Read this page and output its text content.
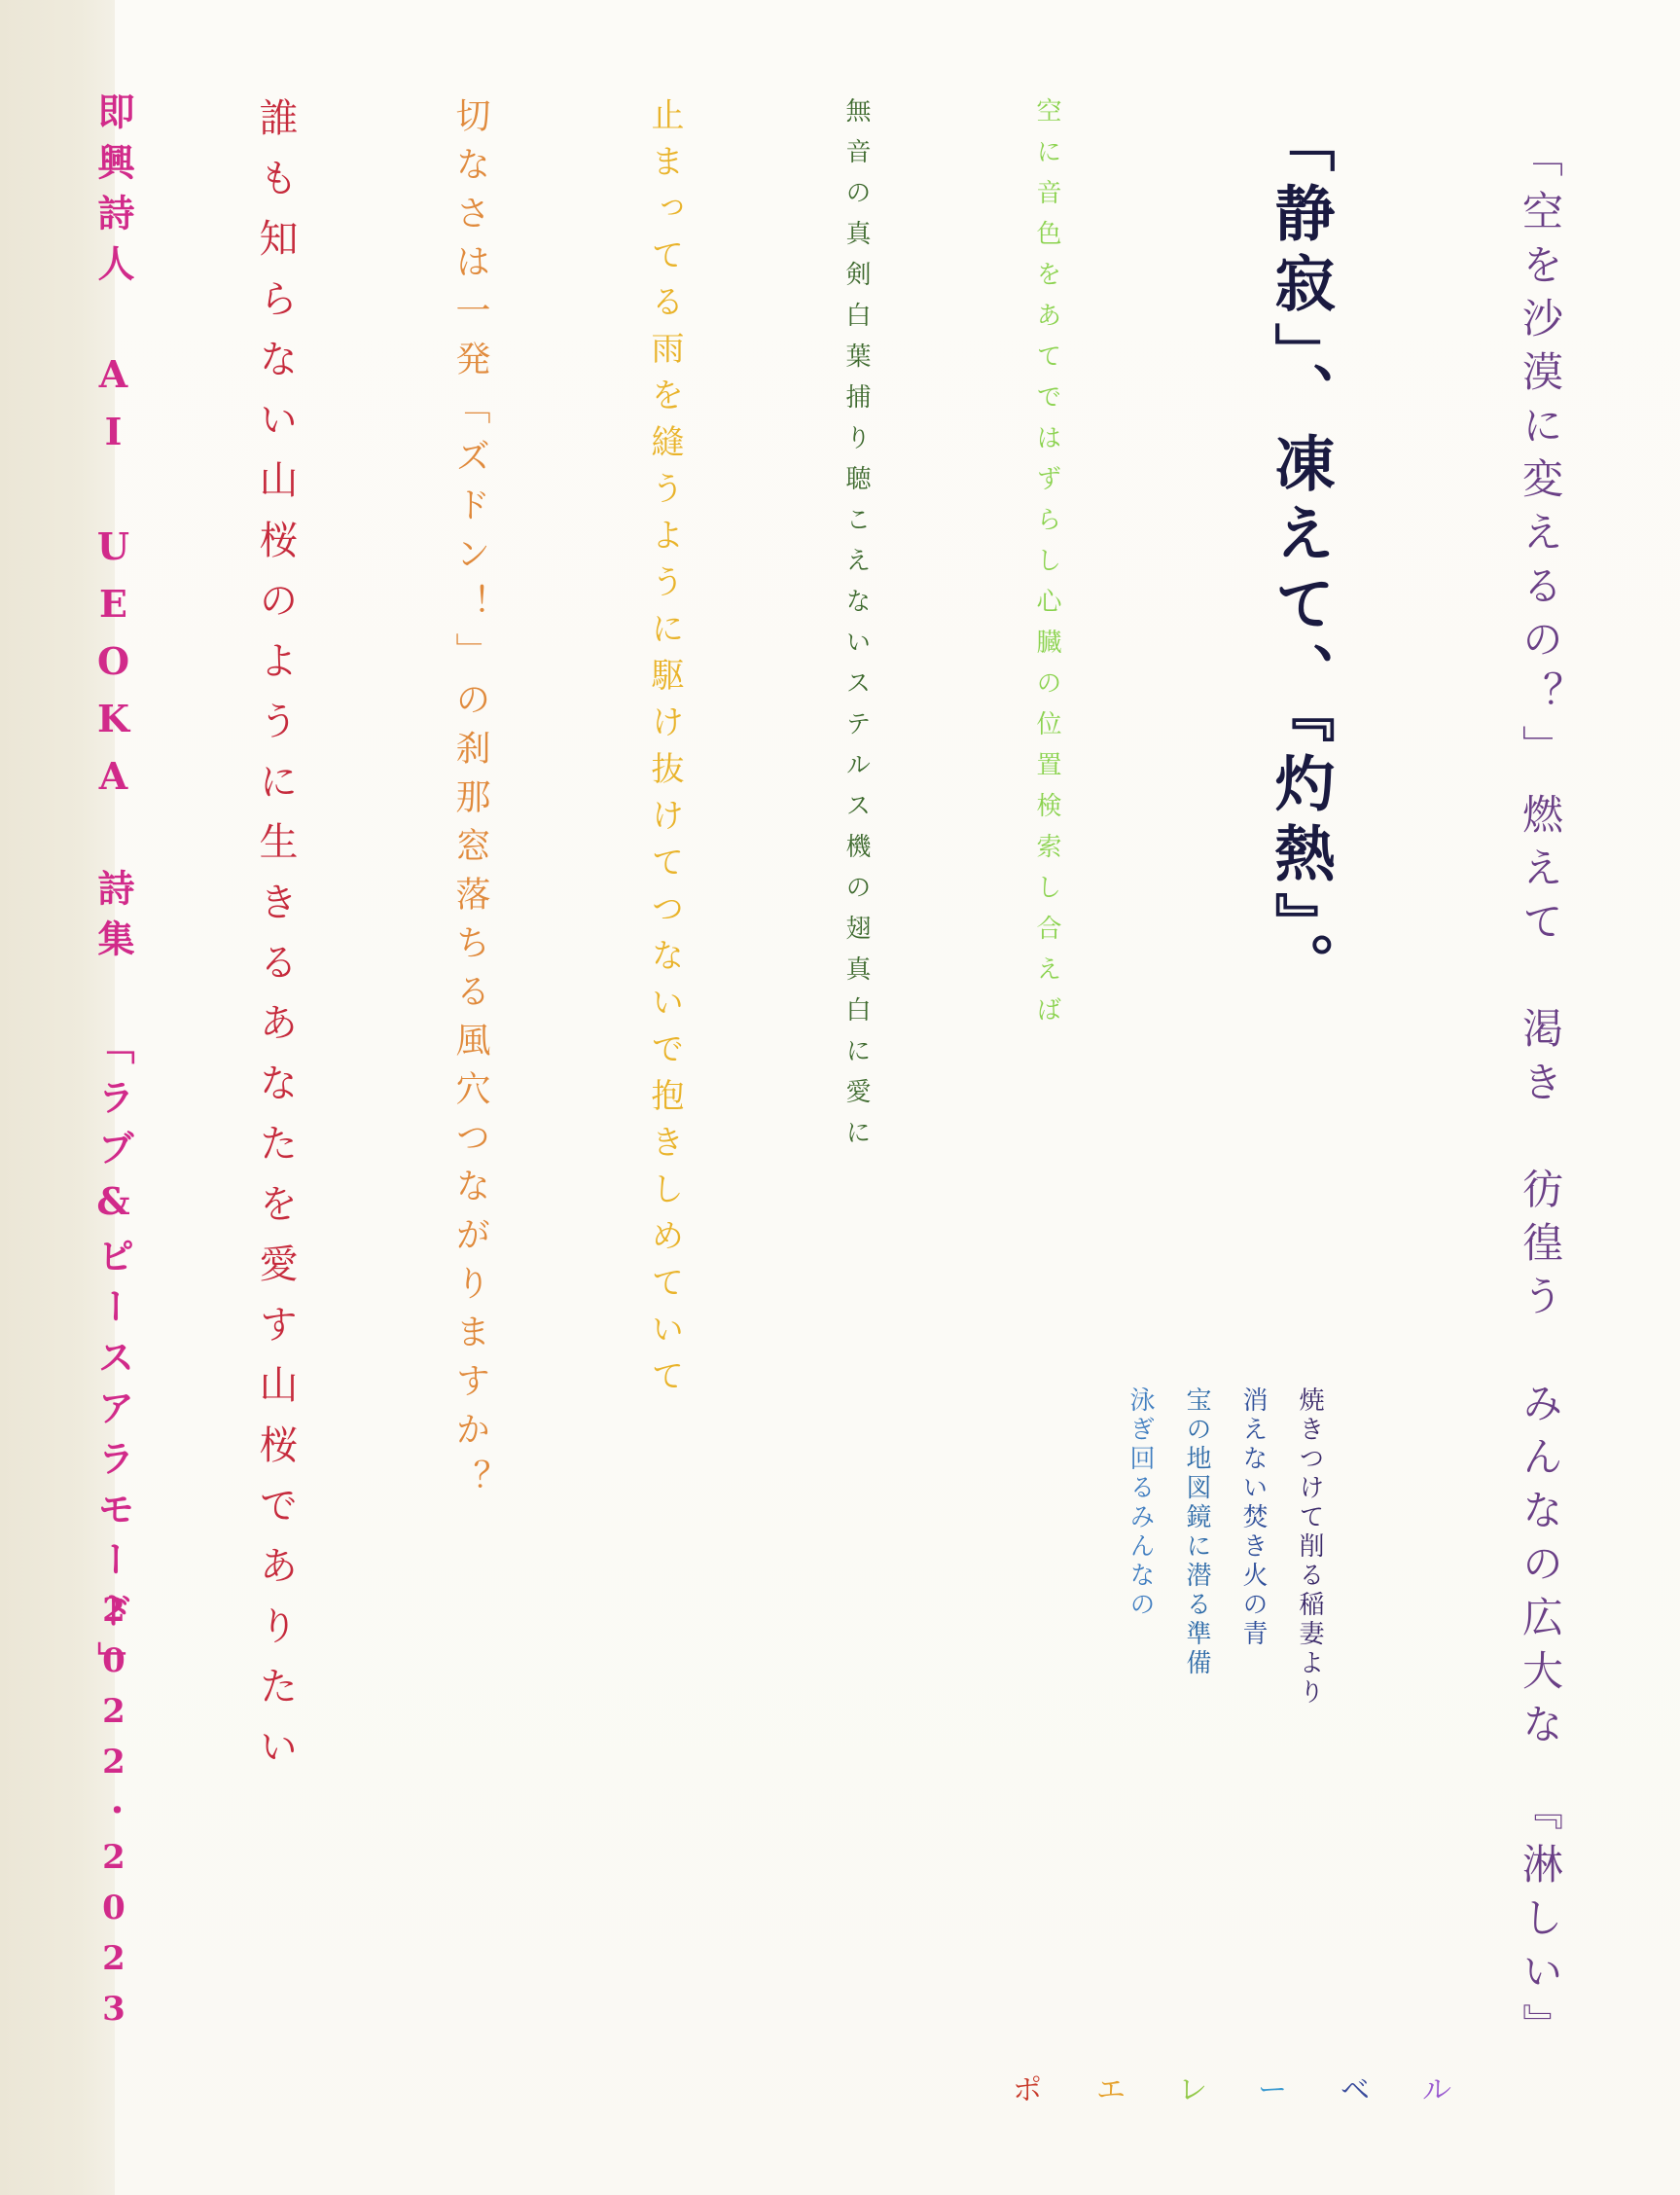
「空を沙漠に変えるの？」
燃えて　渇き　彷徨う　みんなの広大な　『淋しい』
「静寂」、凍えて、『灼熱』。
焼きつけて削る稲妻より
消えない焚き火の青
宝の地図鏡に潜る準備
泳ぎ回るみんなの
空に音色をあてではずらし心臓の位置検索し合えば
無音の真剣白葉捕り聴こえないステルス機の翅真白に愛に
止まってる雨を縫うように駆け抜けてつないで抱きしめていて
切なさは一発「ズドン！」の刹那窓落ちる風穴つながりますか？
誰も知らない山桜のように生きるあなたを愛す山桜でありたい
即興詩人 AI UEOKA 詩集 「ラブ&ピースアラモード」
2022・2023
ポ エ レ ー ベ ル
